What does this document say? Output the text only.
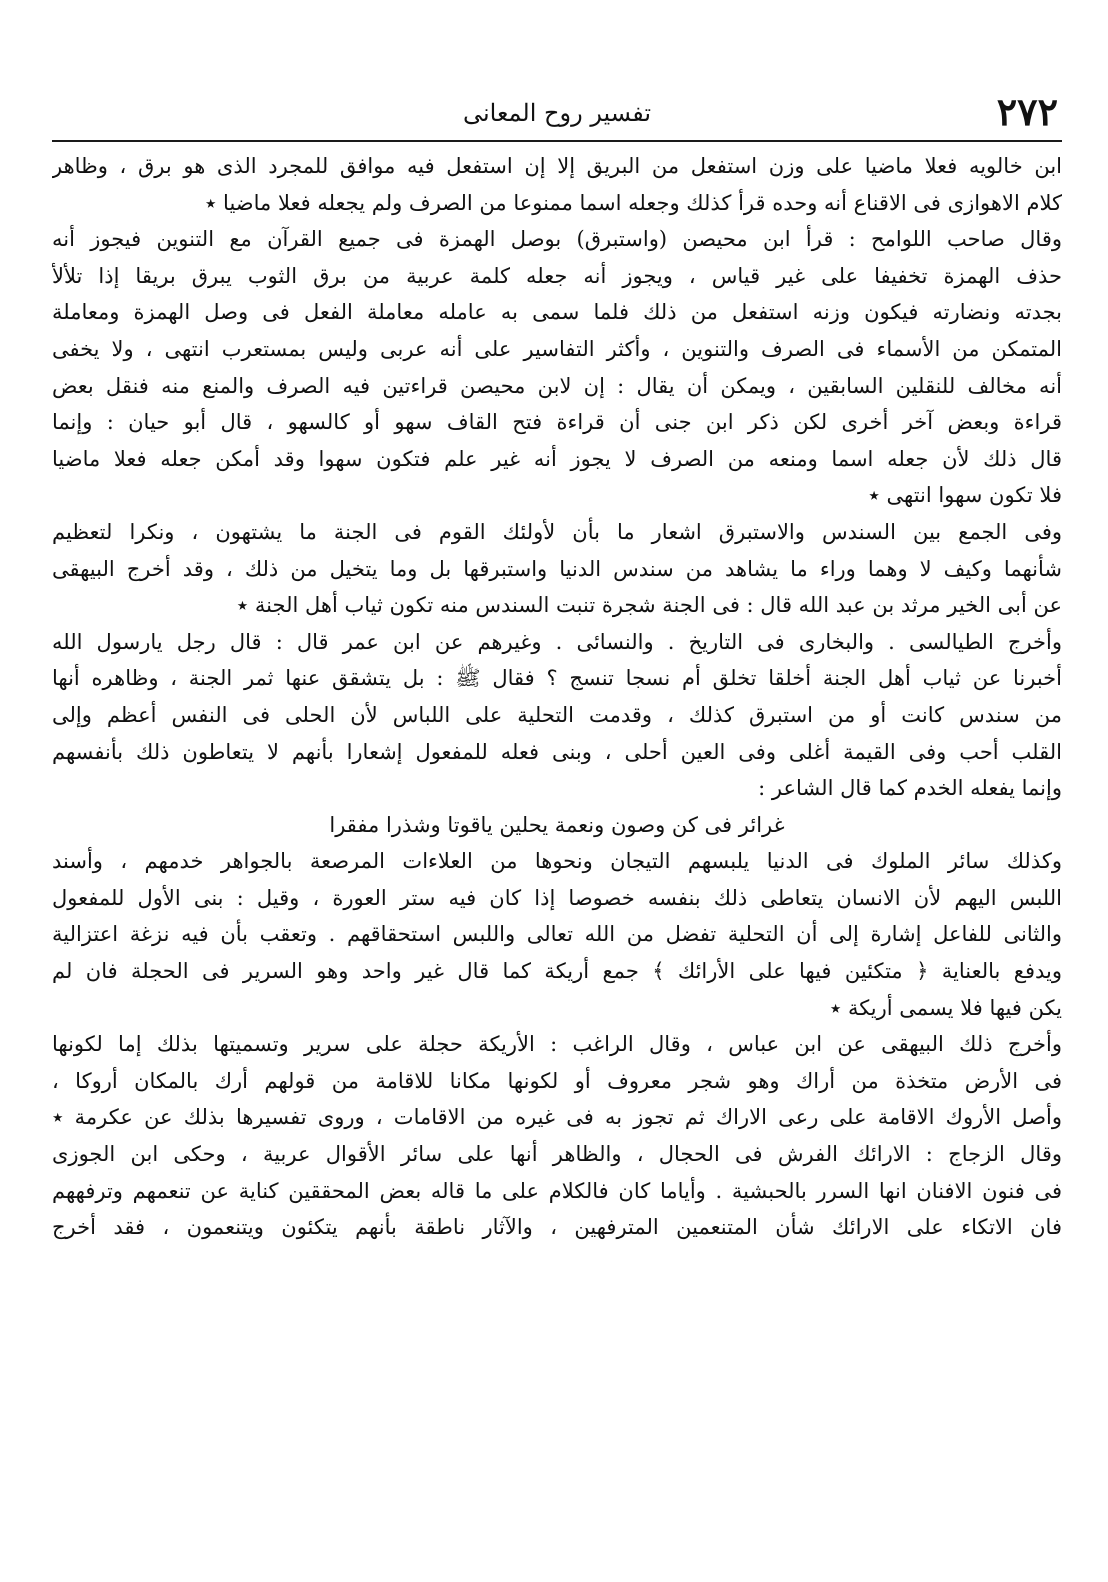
٢٧٢
تفسير روح المعانى
ابن خالويه فعلا ماضيا على وزن استفعل من البريق إلا إن استفعل فيه موافق للمجرد الذى هو برق ، وظاهر
كلام الاهوازى فى الاقناع أنه وحده قرأ كذلك وجعله اسما ممنوعا من الصرف ولم يجعله فعلا ماضيا ٭
وقال صاحب اللوامح : قرأ ابن محيصن (واستبرق) بوصل الهمزة فى جميع القرآن مع التنوين فيجوز أنه
حذف الهمزة تخفيفا على غير قياس ، ويجوز أنه جعله كلمة عربية من برق الثوب يبرق بريقا إذا تلألأ
بجدته ونضارته فيكون وزنه استفعل من ذلك فلما سمى به عامله معاملة الفعل فى وصل الهمزة ومعاملة
المتمكن من الأسماء فى الصرف والتنوين ، وأكثر التفاسير على أنه عربى وليس بمستعرب انتهى ، ولا يخفى
أنه مخالف للنقلين السابقين ، ويمكن أن يقال : إن لابن محيصن قراءتين فيه الصرف والمنع منه فنقل بعض
قراءة وبعض آخر أخرى لكن ذكر ابن جنى أن قراءة فتح القاف سهو أو كالسهو ، قال أبو حيان : وإنما
قال ذلك لأن جعله اسما ومنعه من الصرف لا يجوز أنه غير علم فتكون سهوا وقد أمكن جعله فعلا ماضيا
فلا تكون سهوا انتهى ٭
وفى الجمع بين السندس والاستبرق اشعار ما بأن لأولئك القوم فى الجنة ما يشتهون ، ونكرا لتعظيم
شأنهما وكيف لا وهما وراء ما يشاهد من سندس الدنيا واستبرقها بل وما يتخيل من ذلك ، وقد أخرج البيهقى
عن أبى الخير مرثد بن عبد الله قال : فى الجنة شجرة تنبت السندس منه تكون ثياب أهل الجنة ٭
وأخرج الطيالسى . والبخارى فى التاريخ . والنسائى . وغيرهم عن ابن عمر قال : قال رجل يارسول الله
أخبرنا عن ثياب أهل الجنة أخلقا تخلق أم نسجا تنسج ؟ فقال ﷺ : بل يتشقق عنها ثمر الجنة ، وظاهره أنها
من سندس كانت أو من استبرق كذلك ، وقدمت التحلية على اللباس لأن الحلى فى النفس أعظم وإلى
القلب أحب وفى القيمة أغلى وفى العين أحلى ، وبنى فعله للمفعول إشعارا بأنهم لا يتعاطون ذلك بأنفسهم
وإنما يفعله الخدم كما قال الشاعر :
غرائر فى كن وصون ونعمة يحلين ياقوتا وشذرا مفقرا
وكذلك سائر الملوك فى الدنيا يلبسهم التيجان ونحوها من العلاءات المرصعة بالجواهر خدمهم ، وأسند
اللبس اليهم لأن الانسان يتعاطى ذلك بنفسه خصوصا إذا كان فيه ستر العورة ، وقيل : بنى الأول للمفعول
والثانى للفاعل إشارة إلى أن التحلية تفضل من الله تعالى واللبس استحقاقهم . وتعقب بأن فيه نزغة اعتزالية
ويدفع بالعناية ﴿ متكئين فيها على الأرائك ﴾ جمع أريكة كما قال غير واحد وهو السرير فى الحجلة فان لم
يكن فيها فلا يسمى أريكة ٭
وأخرج ذلك البيهقى عن ابن عباس ، وقال الراغب : الأريكة حجلة على سرير وتسميتها بذلك إما لكونها
فى الأرض متخذة من أراك وهو شجر معروف أو لكونها مكانا للاقامة من قولهم أرك بالمكان أروكا ،
وأصل الأروك الاقامة على رعى الاراك ثم تجوز به فى غيره من الاقامات ، وروى تفسيرها بذلك عن عكرمة ٭
وقال الزجاج : الارائك الفرش فى الحجال ، والظاهر أنها على سائر الأقوال عربية ، وحكى ابن الجوزى
فى فنون الافنان انها السرر بالحبشية . وأياما كان فالكلام على ما قاله بعض المحققين كناية عن تنعمهم وترفههم
فان الاتكاء على الارائك شأن المتنعمين المترفهين ، والآثار ناطقة بأنهم يتكئون ويتنعمون ، فقد أخرج
